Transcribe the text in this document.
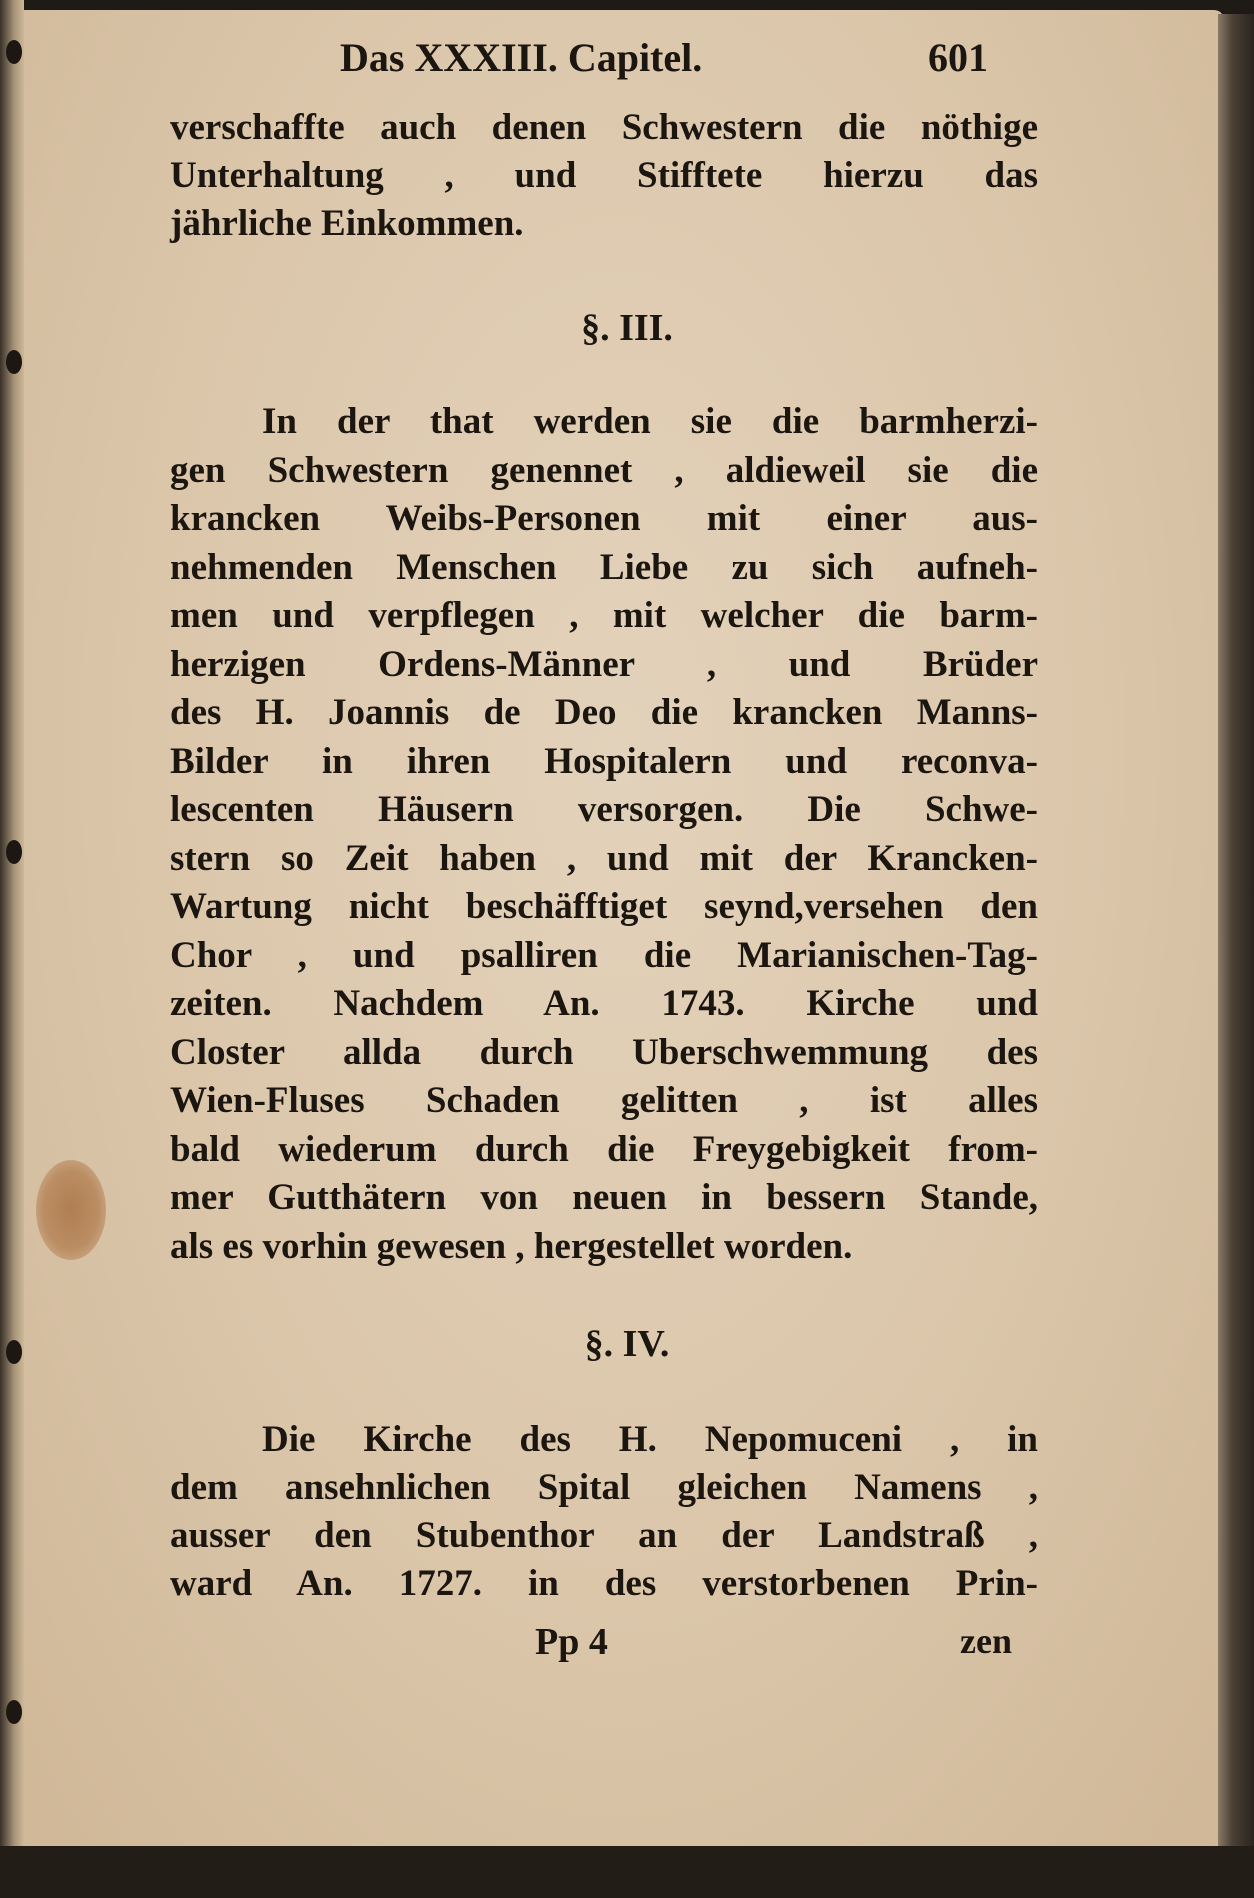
Das XXXIII. Capitel.	601
verschaffte auch denen Schwestern die nöthige
Unterhaltung , und Stifftete hierzu das
jährliche Einkommen.
§. III.
In der that werden sie die barmherzi-
gen Schwestern genennet , aldieweil sie die
krancken Weibs-Personen mit einer aus-
nehmenden Menschen Liebe zu sich aufneh-
men und verpflegen , mit welcher die barm-
herzigen Ordens-Männer , und Brüder
des H. Joannis de Deo die krancken Manns-
Bilder in ihren Hospitalern und reconva-
lescenten Häusern versorgen. Die Schwe-
stern so Zeit haben , und mit der Krancken-
Wartung nicht beschäfftiget seynd,versehen den
Chor , und psalliren die Marianischen-Tag-
zeiten. Nachdem An. 1743. Kirche und
Closter allda durch Uberschwemmung des
Wien-Fluses Schaden gelitten , ist alles
bald wiederum durch die Freygebigkeit from-
mer Gutthätern von neuen in bessern Stande,
als es vorhin gewesen , hergestellet worden.
§. IV.
Die Kirche des H. Nepomuceni , in
dem ansehnlichen Spital gleichen Namens ,
ausser den Stubenthor an der Landstraß ,
ward An. 1727. in des verstorbenen Prin-
Pp 4	zen
